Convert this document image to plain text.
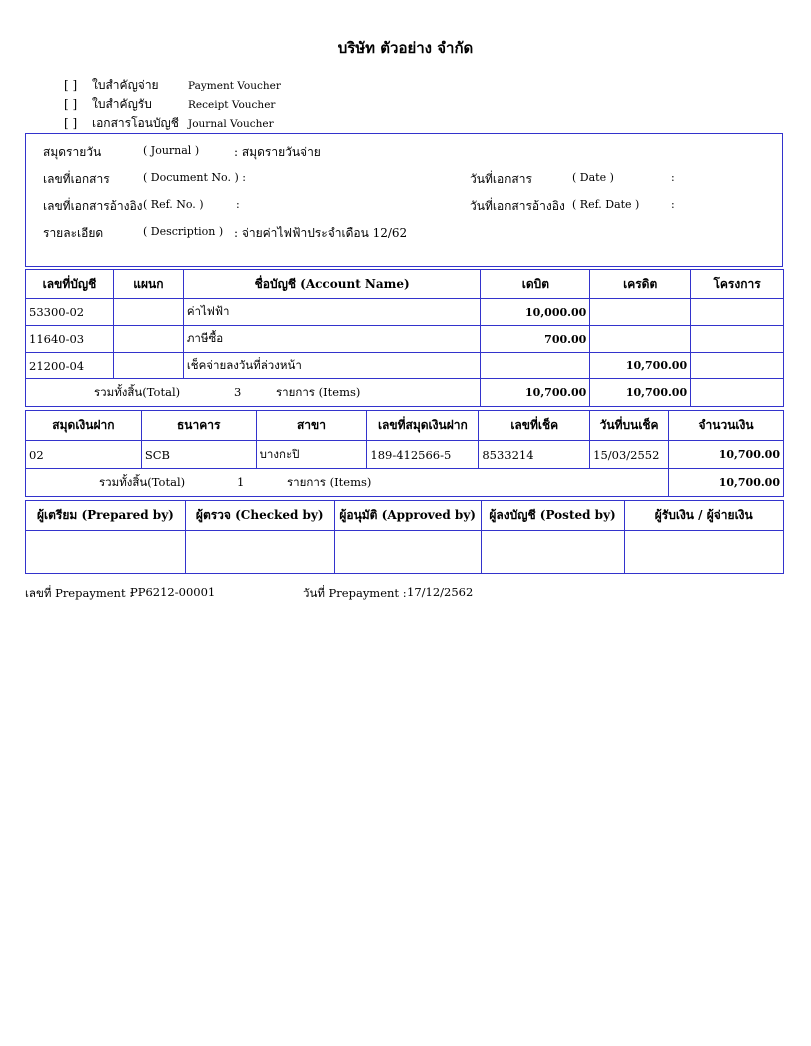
บริษัท ตัวอย่าง จำกัด
[ ] ใบสำคัญจ่าย	Payment Voucher
[ ] ใบสำคัญรับ	Receipt Voucher
[ ] เอกสารโอนบัญชี Journal Voucher
สมุดรายวัน	( Journal )	: สมุดรายวันจ่าย
เลขที่เอกสาร	( Document No. ) :	วันที่เอกสาร	( Date )	:
เลขที่เอกสารอ้างอิง ( Ref. No. )	:	วันที่เอกสารอ้างอิง ( Ref. Date )	:
รายละเอียด	( Description ) : จ่ายค่าไฟฟ้าประจำเดือน 12/62
เลขที่บัญชี	แผนก	ชื่อบัญชี (Account Name)	เดบิต	เครดิต	โครงการ
53300-02		ค่าไฟฟ้า	10,000.00		
11640-03		ภาษีซื้อ	700.00		
21200-04		เช็คจ่ายลงวันที่ล่วงหน้า		10,700.00	
รวมทั้งสิ้น(Total) 3 รายการ (Items)			10,700.00	10,700.00	
สมุดเงินฝาก	ธนาคาร	สาขา	เลขที่สมุดเงินฝาก	เลขที่เช็ค	วันที่บนเช็ค	จำนวนเงิน
02	SCB	บางกะปิ	189-412566-5	8533214	15/03/2552	10,700.00
รวมทั้งสิ้น(Total) 1 รายการ (Items)						10,700.00
ผู้เตรียม (Prepared by)	ผู้ตรวจ (Checked by)	ผู้อนุมัติ (Approved by)	ผู้ลงบัญชี (Posted by)	ผู้รับเงิน / ผู้จ่ายเงิน

เลขที่ Prepayment :
PP6212-00001	วันที่ Prepayment : 17/12/2562
